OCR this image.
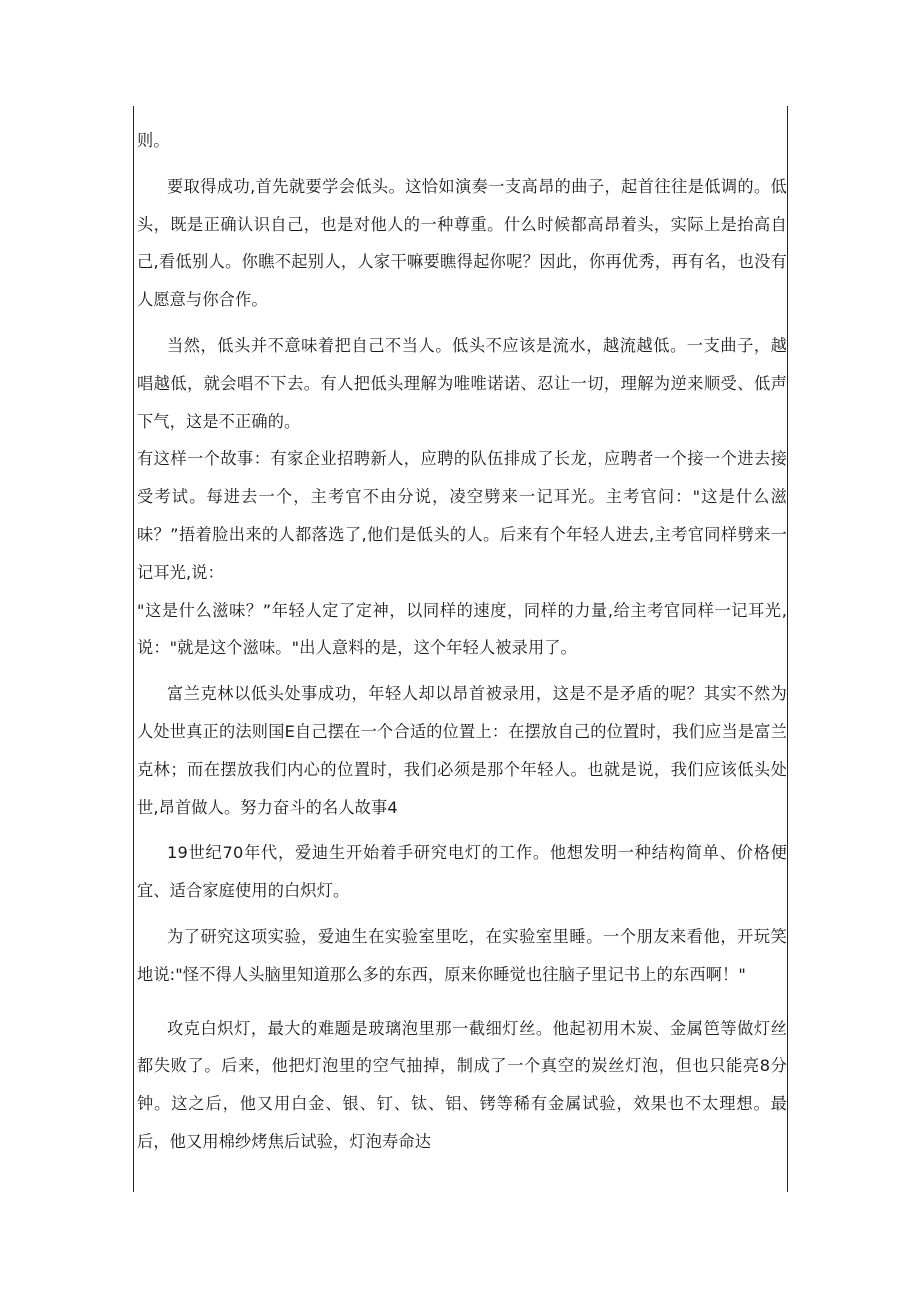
则。

要取得成功,首先就要学会低头。这恰如演奏一支高昂的曲子，起首往往是低调的。低头，既是正确认识自己，也是对他人的一种尊重。什么时候都高昂着头，实际上是抬高自己,看低别人。你瞧不起别人，人家干嘛要瞧得起你呢？因此，你再优秀，再有名，也没有人愿意与你合作。

当然，低头并不意味着把自己不当人。低头不应该是流水，越流越低。一支曲子，越唱越低，就会唱不下去。有人把低头理解为唯唯诺诺、忍让一切，理解为逆来顺受、低声下气，这是不正确的。

有这样一个故事：有家企业招聘新人，应聘的队伍排成了长龙，应聘者一个接一个进去接受考试。每进去一个，主考官不由分说，凌空劈来一记耳光。主考官问："这是什么滋味？”捂着脸出来的人都落选了,他们是低头的人。后来有个年轻人进去,主考官同样劈来一记耳光,说：

"这是什么滋味？”年轻人定了定神，以同样的速度，同样的力量,给主考官同样一记耳光,说："就是这个滋味。"出人意料的是，这个年轻人被录用了。

富兰克林以低头处事成功，年轻人却以昂首被录用，这是不是矛盾的呢？其实不然为人处世真正的法则国E自己摆在一个合适的位置上：在摆放自己的位置时，我们应当是富兰克林；而在摆放我们内心的位置时，我们必须是那个年轻人。也就是说，我们应该低头处世,昂首做人。努力奋斗的名人故事4

19世纪70年代，爱迪生开始着手研究电灯的工作。他想发明一种结构简单、价格便宜、适合家庭使用的白炽灯。

为了研究这项实验，爱迪生在实验室里吃，在实验室里睡。一个朋友来看他，开玩笑地说:"怪不得人头脑里知道那么多的东西，原来你睡觉也往脑子里记书上的东西啊！"

攻克白炽灯，最大的难题是玻璃泡里那一截细灯丝。他起初用木炭、金属笆等做灯丝都失败了。后来，他把灯泡里的空气抽掉，制成了一个真空的炭丝灯泡，但也只能亮8分钟。这之后，他又用白金、银、钉、钛、铝、铐等稀有金属试验，效果也不太理想。最后，他又用棉纱烤焦后试验，灯泡寿命达
